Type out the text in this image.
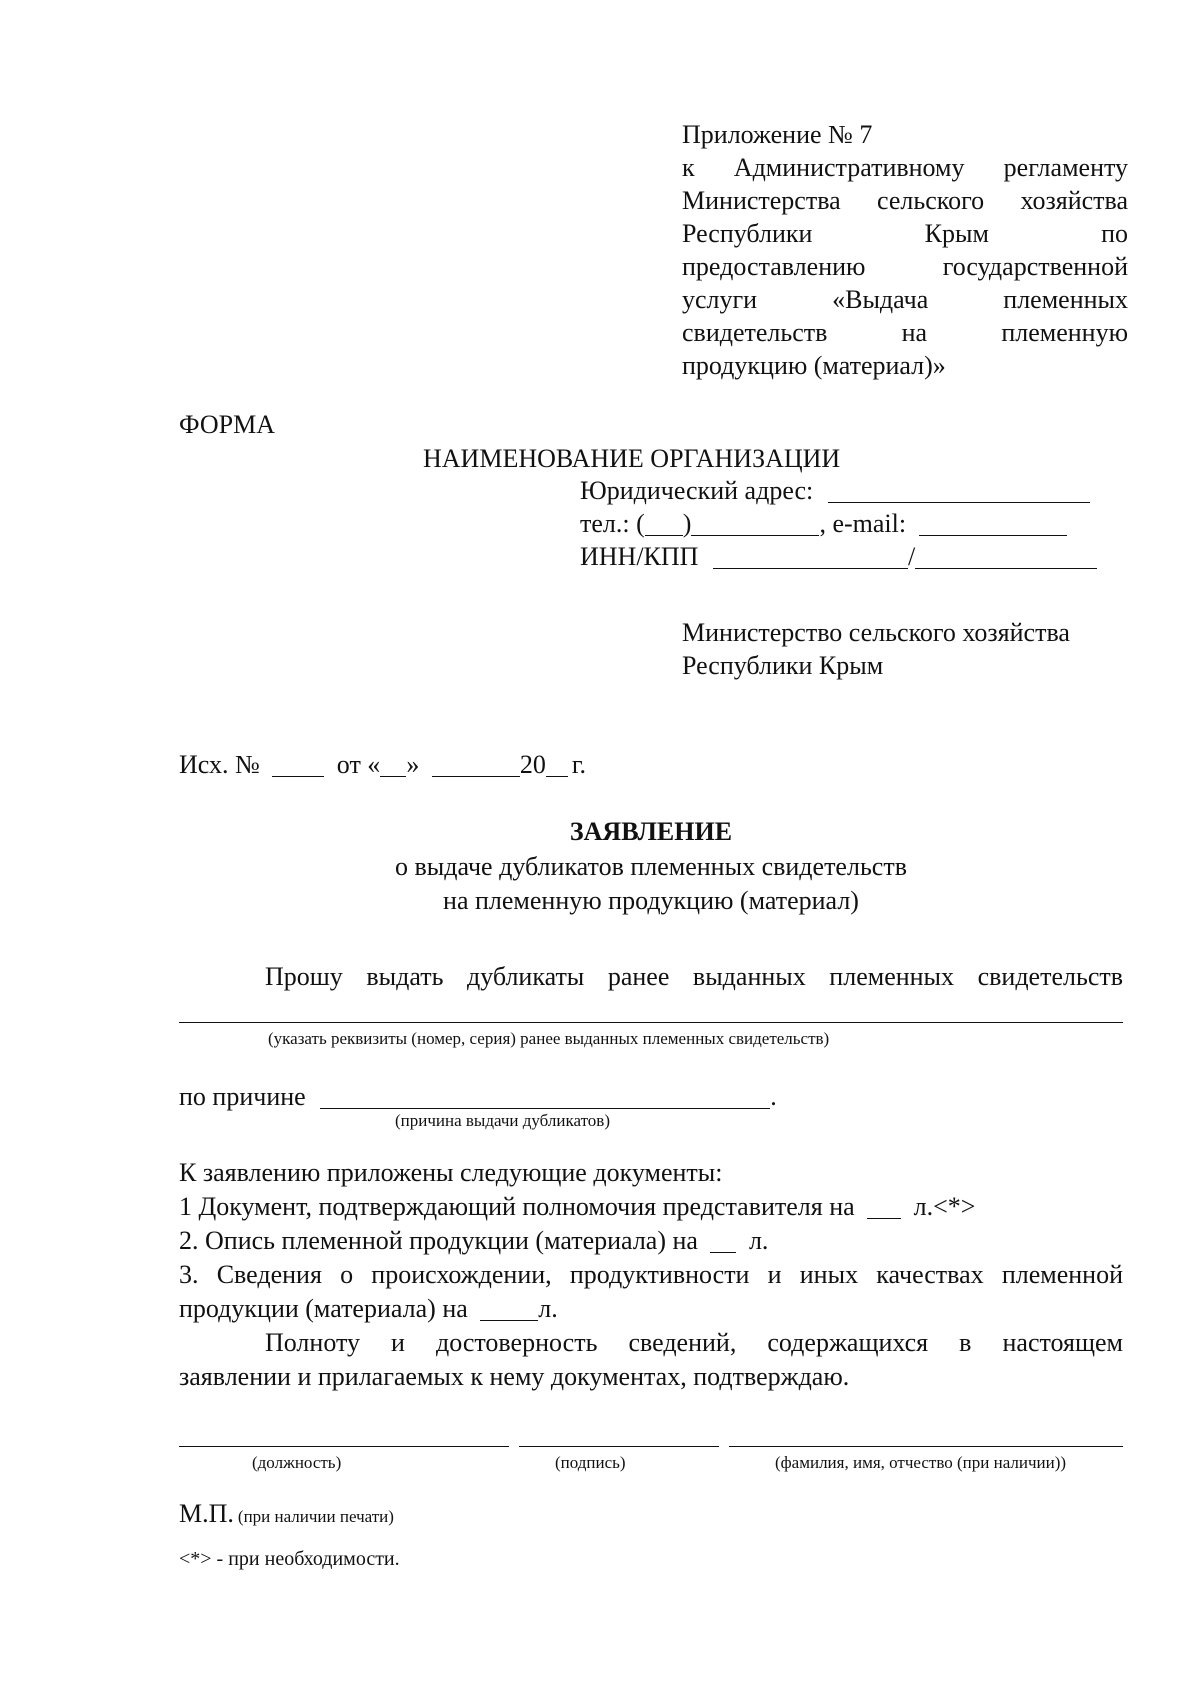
Приложение № 7
к Административному регламенту
Министерства сельского хозяйства
Республики Крым по
предоставлению государственной
услуги «Выдача племенных
свидетельств на племенную
продукцию (материал)»
ФОРМА
НАИМЕНОВАНИЕ ОРГАНИЗАЦИИ
Юридический адрес:
тел.: ( )	, e-mail:
ИНН/КПП	/
Министерство сельского хозяйства
Республики Крым
Исх. №	от « »	20 г.
ЗАЯВЛЕНИЕ
о выдаче дубликатов племенных свидетельств
на племенную продукцию (материал)
Прошу выдать дубликаты ранее выданных племенных свидетельств
(указать реквизиты (номер, серия) ранее выданных племенных свидетельств)
по причине	.
(причина выдачи дубликатов)
К заявлению приложены следующие документы:
1 Документ, подтверждающий полномочия представителя на л.<*>
2. Опись племенной продукции (материала) на л.
3. Сведения о происхождении, продуктивности и иных качествах племенной
продукции (материала) на	л.
Полноту и достоверность сведений, содержащихся в настоящем
заявлении и прилагаемых к нему документах, подтверждаю.
(должность)	(подпись)	(фамилия, имя, отчество (при наличии))
М.П. (при наличии печати)
<*> - при необходимости.
